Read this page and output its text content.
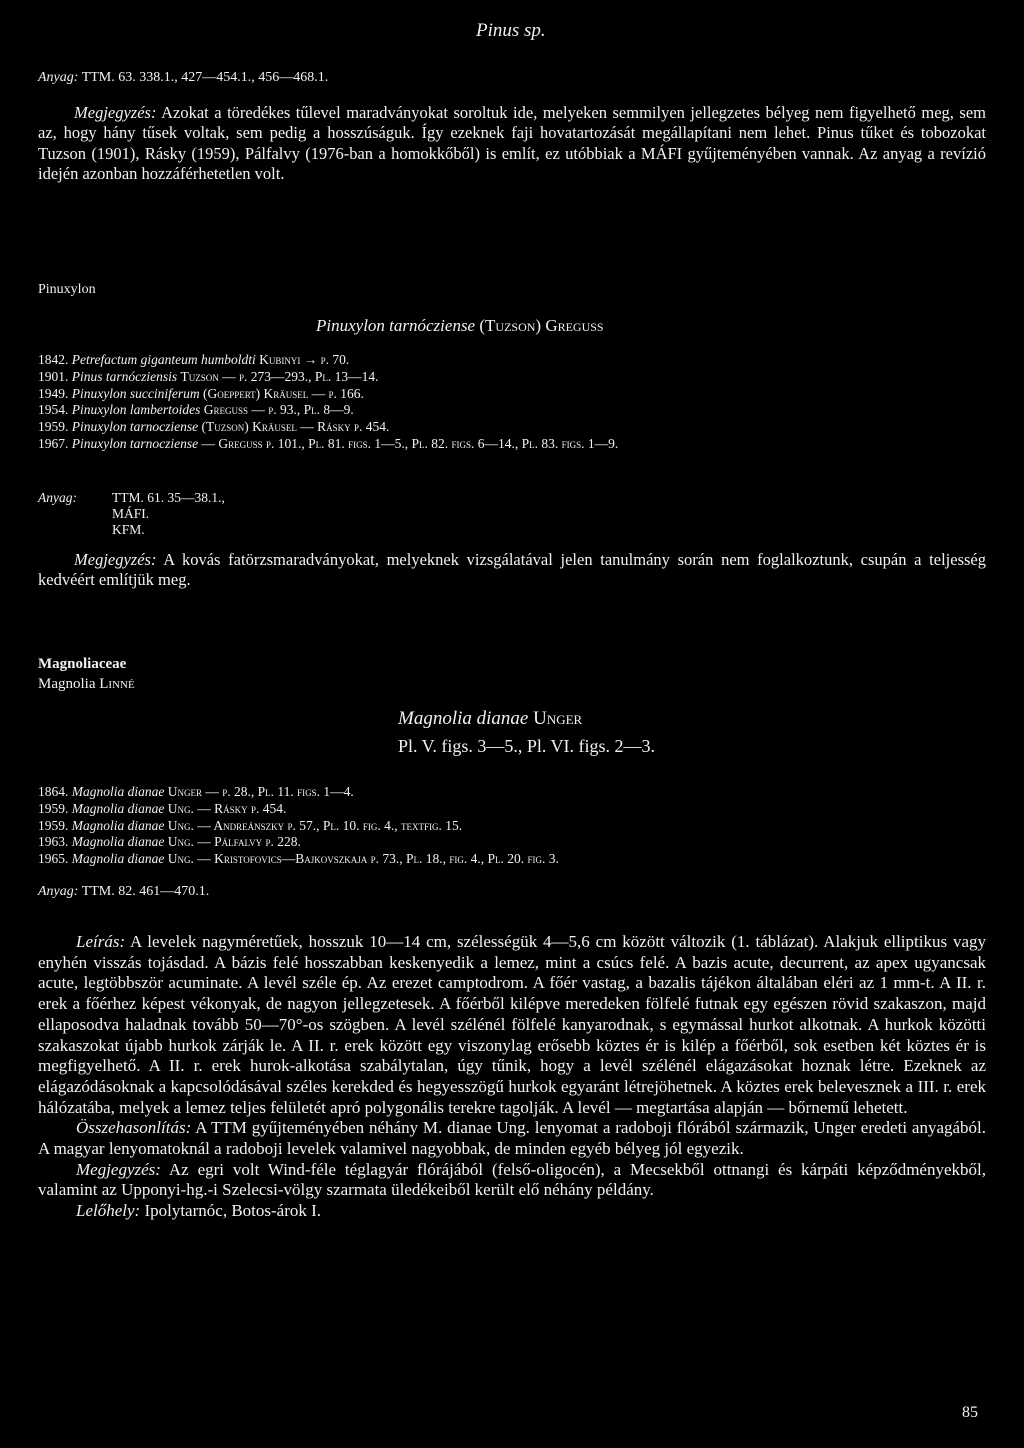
Pinus sp.
Anyag: TTM. 63. 338.1., 427—454.1., 456—468.1.

Megjegyzés: Azokat a töredékes tűlevel maradványokat soroltuk ide, melyeken semmilyen jellegzetes bélyeg nem figyelhető meg, sem az, hogy hány tűsek voltak, sem pedig a hosszúságuk. Így ezeknek faji hovatartozását megállapítani nem lehet. Pinus tűket és tobozokat Tuzson (1901), Rásky (1959), Pálfalvy (1976-ban a homokkőből) is említ, ez utóbbiak a MÁFI gyűjteményében vannak. Az anyag a revízió idején azonban hozzáférhetetlen volt.

Pinuxylon
Pinuxylon tarnócziense (Tuzson) Greguss
1842. Petrefactum giganteum humboldti Kubinyi → p. 70.
1901. Pinus tarnócziensis Tuzson — p. 273—293., Pl. 13—14.
1949. Pinuxylon succiniferum (Goeppert) Kräusel — p. 166.
1954. Pinuxylon lambertoides Greguss — p. 93., Pl. 8—9.
1959. Pinuxylon tarnocziense (Tuzson) Kräusel — Rásky p. 454.
1967. Pinuxylon tarnocziense — Greguss p. 101., Pl. 81. figs. 1—5., Pl. 82. figs. 6—14., Pl. 83. figs. 1—9.
Anyag:	TTM. 61. 35—38.1.,
MÁFI.
KFM.

Megjegyzés: A kovás fatörzsmaradványokat, melyeknek vizsgálatával jelen tanulmány során nem foglalkoztunk, csupán a teljesség kedvéért említjük meg.

Magnoliaceae
Magnolia Linné
Magnolia dianae Unger
Pl. V. figs. 3—5., Pl. VI. figs. 2—3.
1864. Magnolia dianae Unger — p. 28., Pl. 11. figs. 1—4.
1959. Magnolia dianae Ung. — Rásky p. 454.
1959. Magnolia dianae Ung. — Andreánszky p. 57., Pl. 10. fig. 4., textfig. 15.
1963. Magnolia dianae Ung. — Pálfalvy p. 228.
1965. Magnolia dianae Ung. — Kristofovics—Bajkovszkaja p. 73., Pl. 18., fig. 4., Pl. 20. fig. 3.
Anyag: TTM. 82. 461—470.1.

Leírás: A levelek nagyméretűek, hosszuk 10—14 cm, szélességük 4—5,6 cm között változik (1. táblázat). Alakjuk elliptikus vagy enyhén visszás tojásdad. A bázis felé hosszabban keskenyedik a lemez, mint a csúcs felé. A bazis acute, decurrent, az apex ugyancsak acute, legtöbbször acuminate. A levél széle ép. Az erezet camptodrom. A főér vastag, a bazalis tájékon általában eléri az 1 mm-t. A II. r. erek a főérhez képest vékonyak, de nagyon jellegzetesek. A főérből kilépve meredeken fölfelé futnak egy egészen rövid szakaszon, majd ellaposodva haladnak tovább 50—70°-os szögben. A levél szélénél fölfelé kanyarodnak, s egymással hurkot alkotnak. A hurkok közötti szakaszokat újabb hurkok zárják le. A II. r. erek között egy viszonylag erősebb köztes ér is kilép a főérből, sok esetben két köztes ér is megfigyelhető. A II. r. erek hurok-alkotása szabálytalan, úgy tűnik, hogy a levél szélénél elágazásokat hoznak létre. Ezeknek az elágazódásoknak a kapcsolódásával széles kerekded és hegyesszögű hurkok egyaránt létrejöhetnek. A köztes erek belevesznek a III. r. erek hálózatába, melyek a lemez teljes felületét apró polygonális terekre tagolják. A levél — megtartása alapján — bőrnemű lehetett.

Összehasonlítás: A TTM gyűjteményében néhány M. dianae Ung. lenyomat a radoboji flórából származik, Unger eredeti anyagából. A magyar lenyomatoknál a radoboji levelek valamivel nagyobbak, de minden egyéb bélyeg jól egyezik.

Megjegyzés: Az egri volt Wind-féle téglagyár flórájából (felső-oligocén), a Mecsekből ottnangi és kárpáti képződményekből, valamint az Upponyi-hg.-i Szelecsi-völgy szarmata üledékeiből került elő néhány példány.

Lelőhely: Ipolytarnóc, Botos-árok I.

85
